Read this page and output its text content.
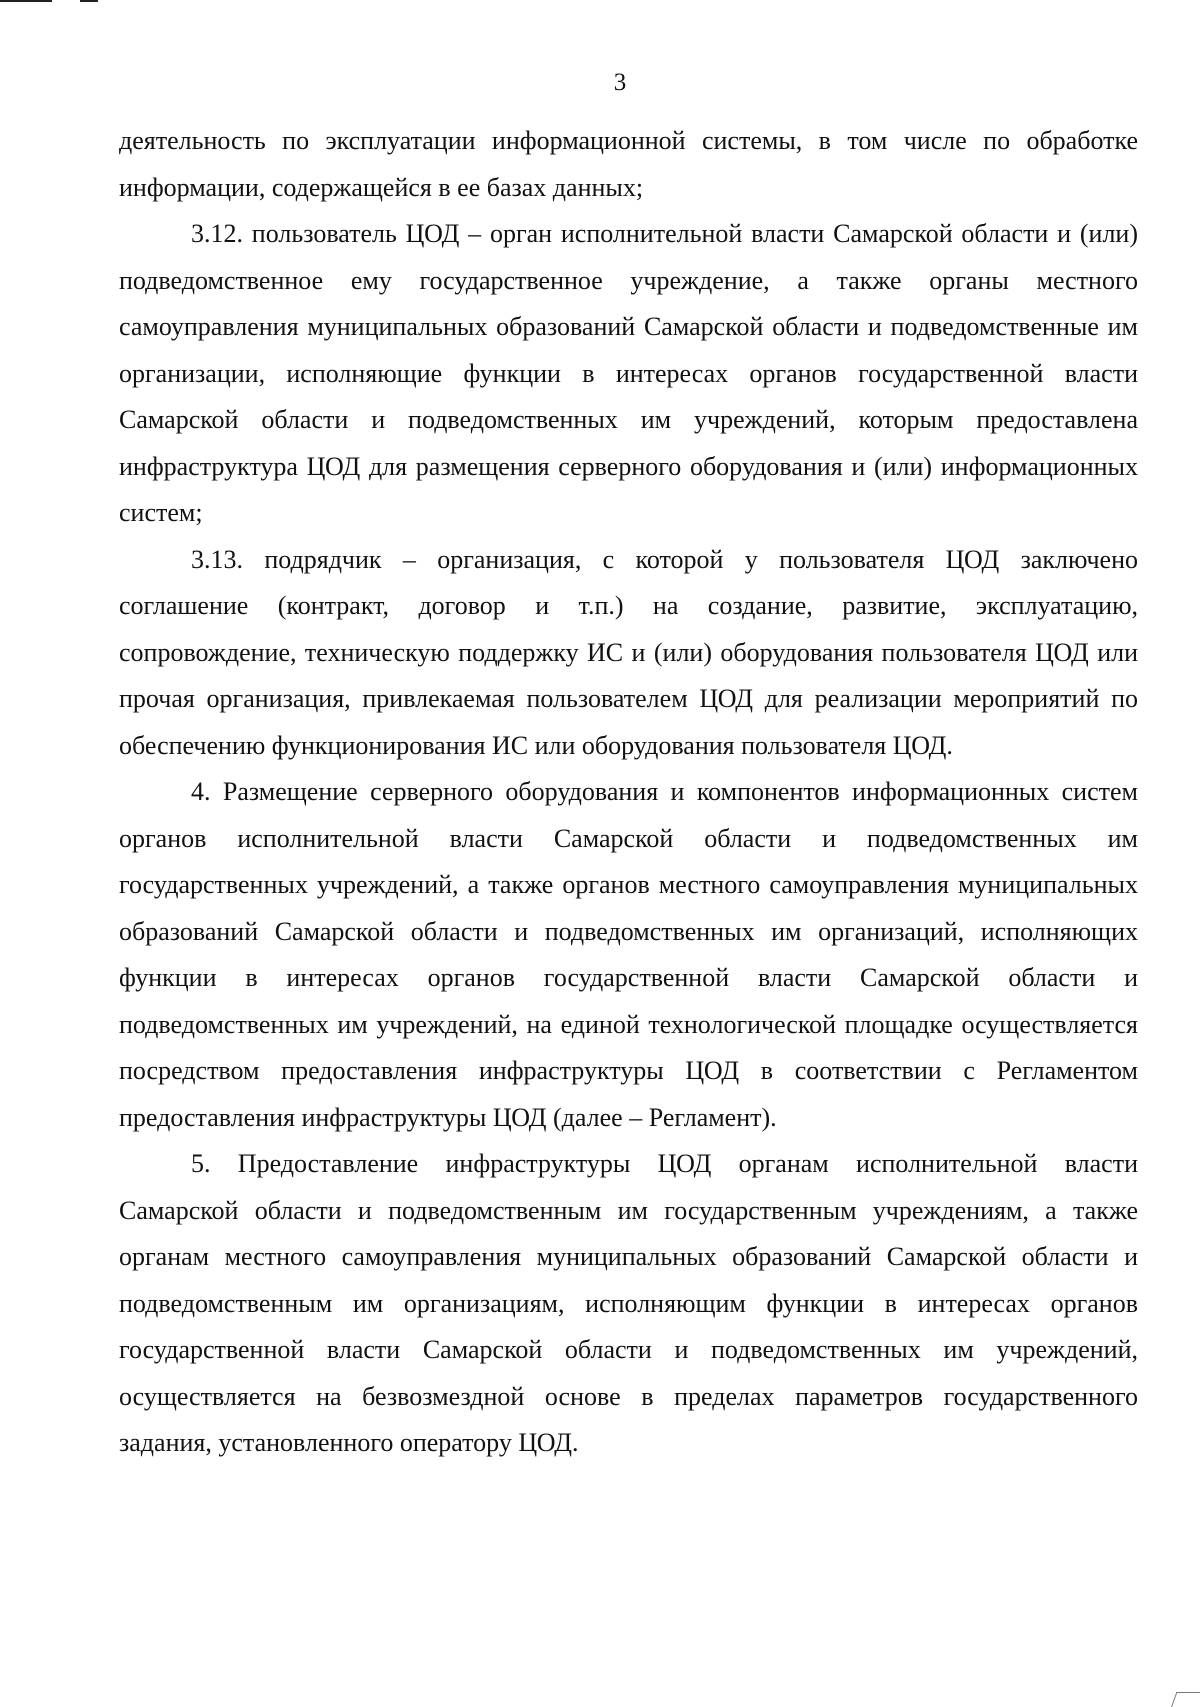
3

деятельность по эксплуатации информационной системы, в том числе по обработке информации, содержащейся в ее базах данных;

3.12. пользователь ЦОД – орган исполнительной власти Самарской области и (или) подведомственное ему государственное учреждение, а также органы местного самоуправления муниципальных образований Самарской области и подведомственные им организации, исполняющие функции в интересах органов государственной власти Самарской области и подведомственных им учреждений, которым предоставлена инфраструктура ЦОД для размещения серверного оборудования и (или) информационных систем;

3.13. подрядчик – организация, с которой у пользователя ЦОД заключено соглашение (контракт, договор и т.п.) на создание, развитие, эксплуатацию, сопровождение, техническую поддержку ИС и (или) оборудования пользователя ЦОД или прочая организация, привлекаемая пользователем ЦОД для реализации мероприятий по обеспечению функционирования ИС или оборудования пользователя ЦОД.

4. Размещение серверного оборудования и компонентов информационных систем органов исполнительной власти Самарской области и подведомственных им государственных учреждений, а также органов местного самоуправления муниципальных образований Самарской области и подведомственных им организаций, исполняющих функции в интересах органов государственной власти Самарской области и подведомственных им учреждений, на единой технологической площадке осуществляется посредством предоставления инфраструктуры ЦОД в соответствии с Регламентом предоставления инфраструктуры ЦОД (далее – Регламент).

5. Предоставление инфраструктуры ЦОД органам исполнительной власти Самарской области и подведомственным им государственным учреждениям, а также органам местного самоуправления муниципальных образований Самарской области и подведомственным им организациям, исполняющим функции в интересах органов государственной власти Самарской области и подведомственных им учреждений, осуществляется на безвозмездной основе в пределах параметров государственного задания, установленного оператору ЦОД.
